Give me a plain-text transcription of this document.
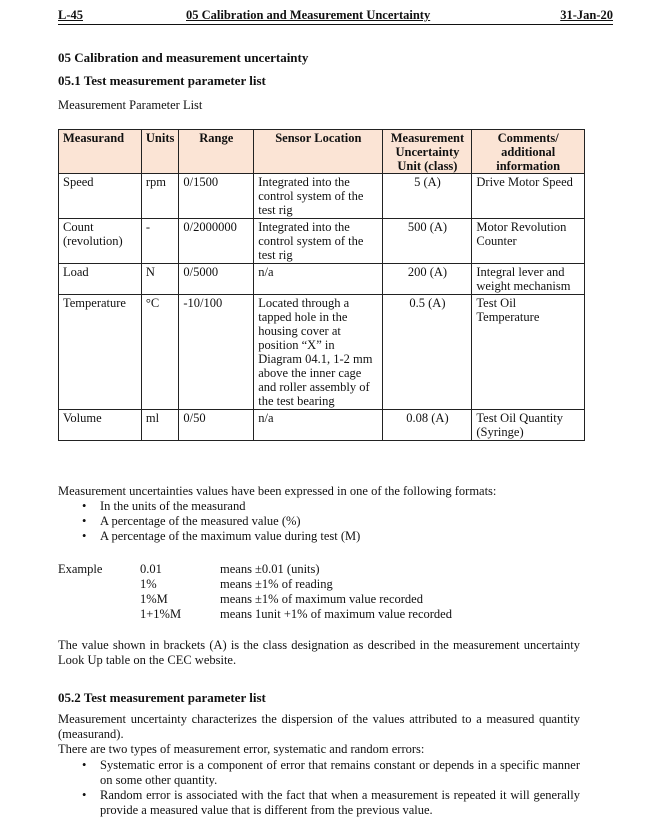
L-45	05 Calibration and Measurement Uncertainty	31-Jan-20
05 Calibration and measurement uncertainty
05.1 Test measurement parameter list
Measurement Parameter List
Measurand	Units	Range	Sensor Location	Measurement Uncertainty Unit (class)	Comments/ additional information
Speed	rpm	0/1500	Integrated into the control system of the test rig	5 (A)	Drive Motor Speed
Count (revolution)	-	0/2000000	Integrated into the control system of the test rig	500 (A)	Motor Revolution Counter
Load	N	0/5000	n/a	200 (A)	Integral lever and weight mechanism
Temperature	°C	-10/100	Located through a tapped hole in the housing cover at position “X” in Diagram 04.1, 1-2 mm above the inner cage and roller assembly of the test bearing	0.5 (A)	Test Oil Temperature
Volume	ml	0/50	n/a	0.08 (A)	Test Oil Quantity (Syringe)
Measurement uncertainties values have been expressed in one of the following formats:
• In the units of the measurand
• A percentage of the measured value (%)
• A percentage of the maximum value during test (M)
Example	0.01	means ±0.01 (units)
	1%	means ±1% of reading
	1%M	means ±1% of maximum value recorded
	1+1%M	means 1unit +1% of maximum value recorded
The value shown in brackets (A) is the class designation as described in the measurement uncertainty Look Up table on the CEC website.
05.2 Test measurement parameter list
Measurement uncertainty characterizes the dispersion of the values attributed to a measured quantity (measurand).
There are two types of measurement error, systematic and random errors:
• Systematic error is a component of error that remains constant or depends in a specific manner on some other quantity.
• Random error is associated with the fact that when a measurement is repeated it will generally provide a measured value that is different from the previous value.
